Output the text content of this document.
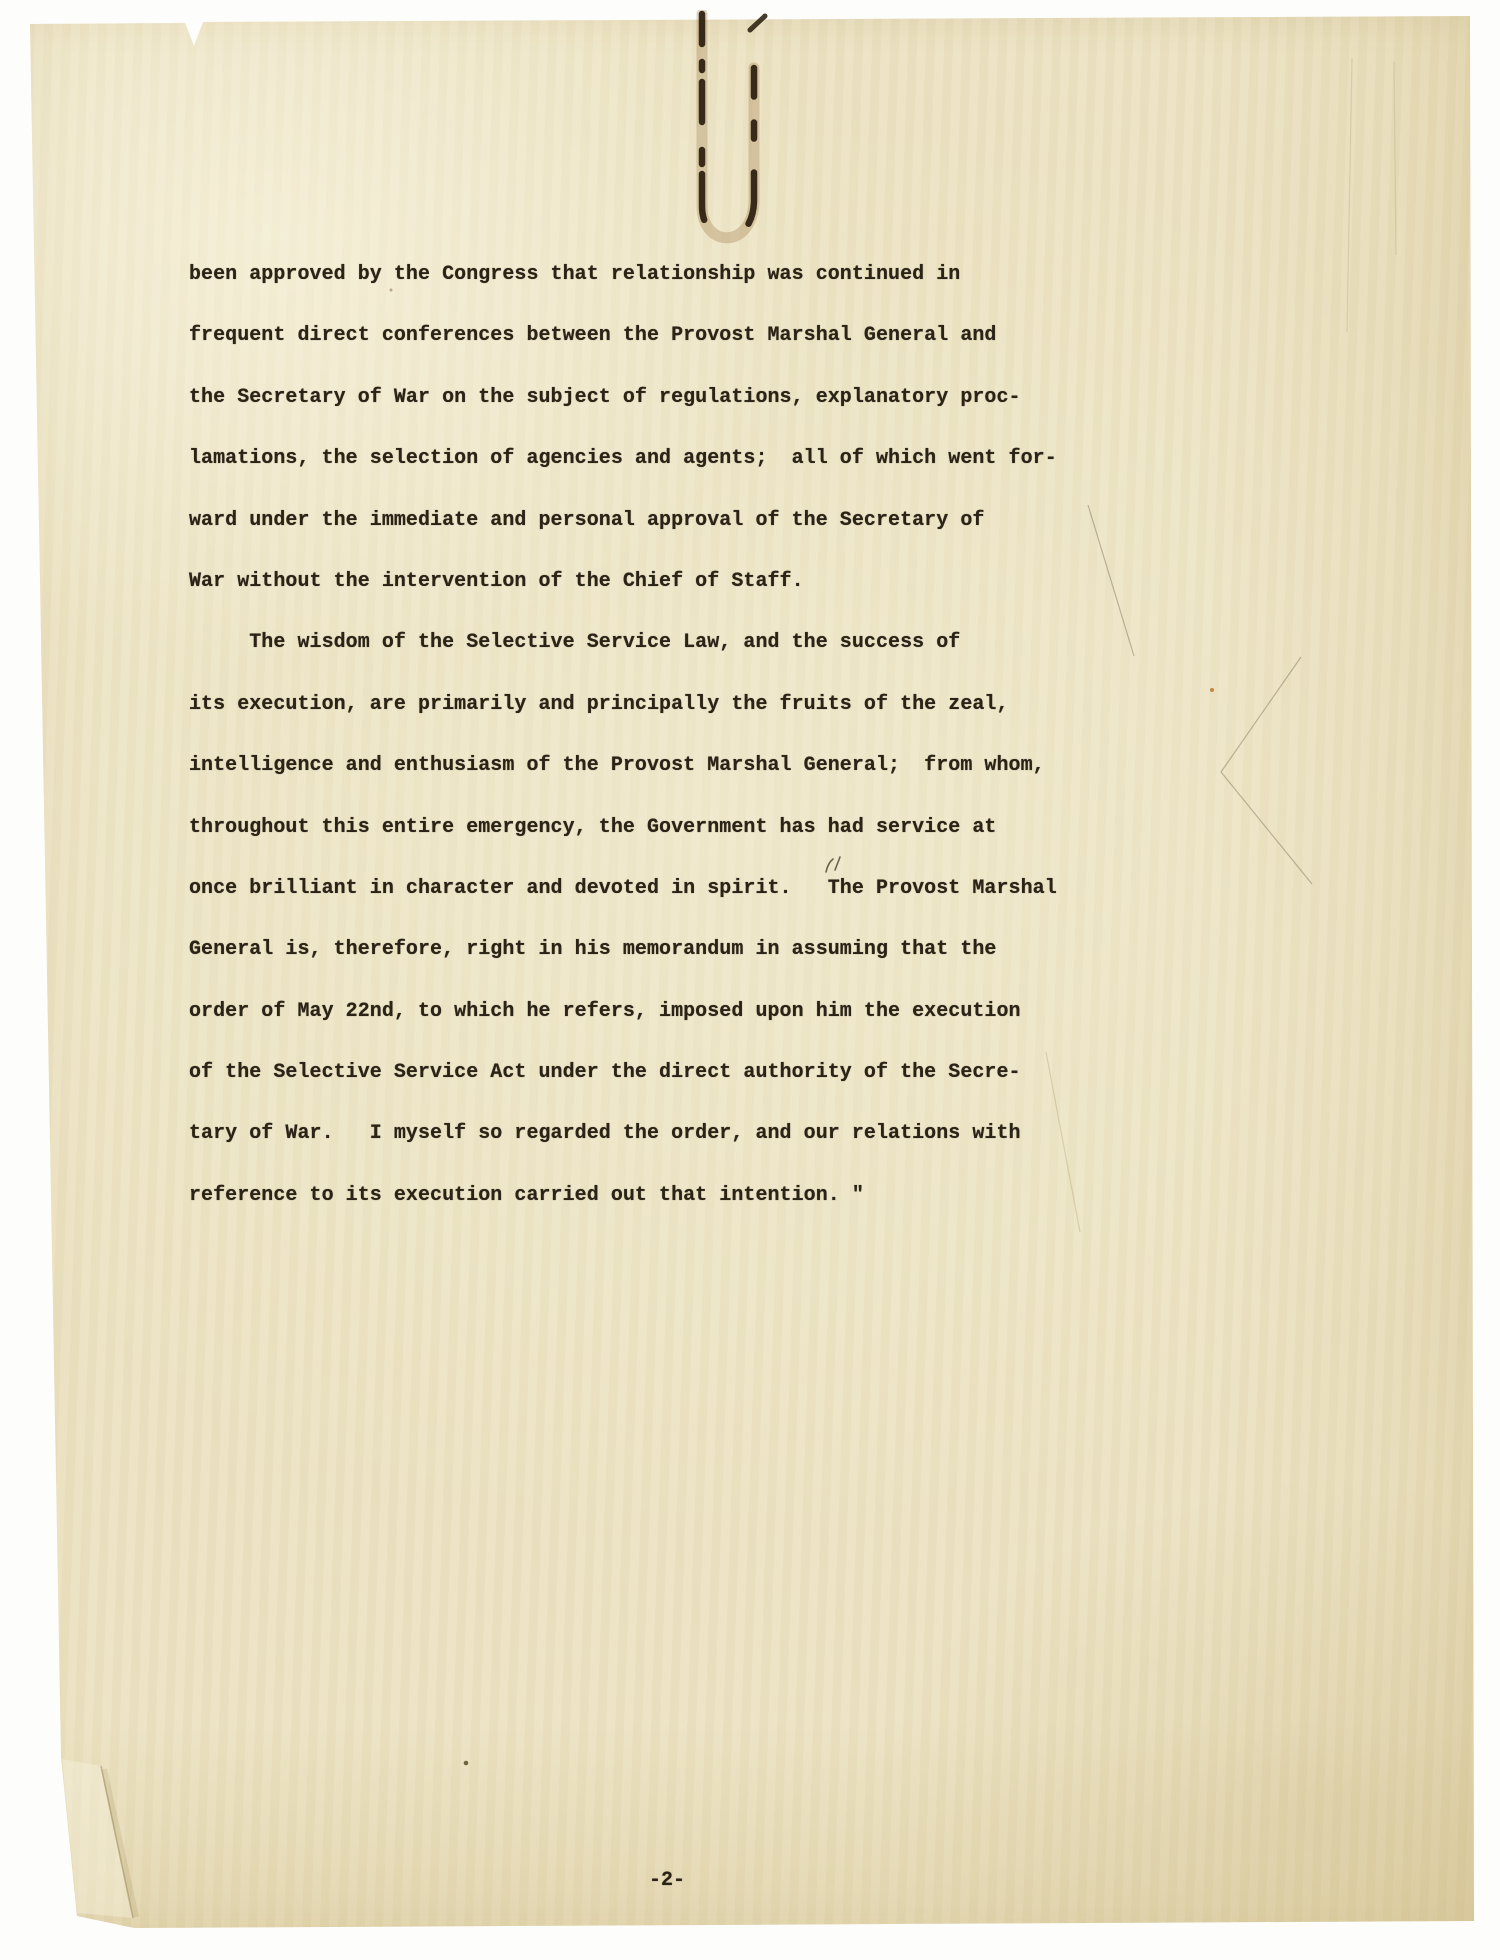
been approved by the Congress that relationship was continued in
frequent direct conferences between the Provost Marshal General and
the Secretary of War on the subject of regulations, explanatory proc-
lamations, the selection of agencies and agents;  all of which went for-
ward under the immediate and personal approval of the Secretary of
War without the intervention of the Chief of Staff.
The wisdom of the Selective Service Law, and the success of
its execution, are primarily and principally the fruits of the zeal,
intelligence and enthusiasm of the Provost Marshal General;  from whom,
throughout this entire emergency, the Government has had service at
once brilliant in character and devoted in spirit.   The Provost Marshal
General is, therefore, right in his memorandum in assuming that the
order of May 22nd, to which he refers, imposed upon him the execution
of the Selective Service Act under the direct authority of the Secre-
tary of War.   I myself so regarded the order, and our relations with
reference to its execution carried out that intention. "
-2-
